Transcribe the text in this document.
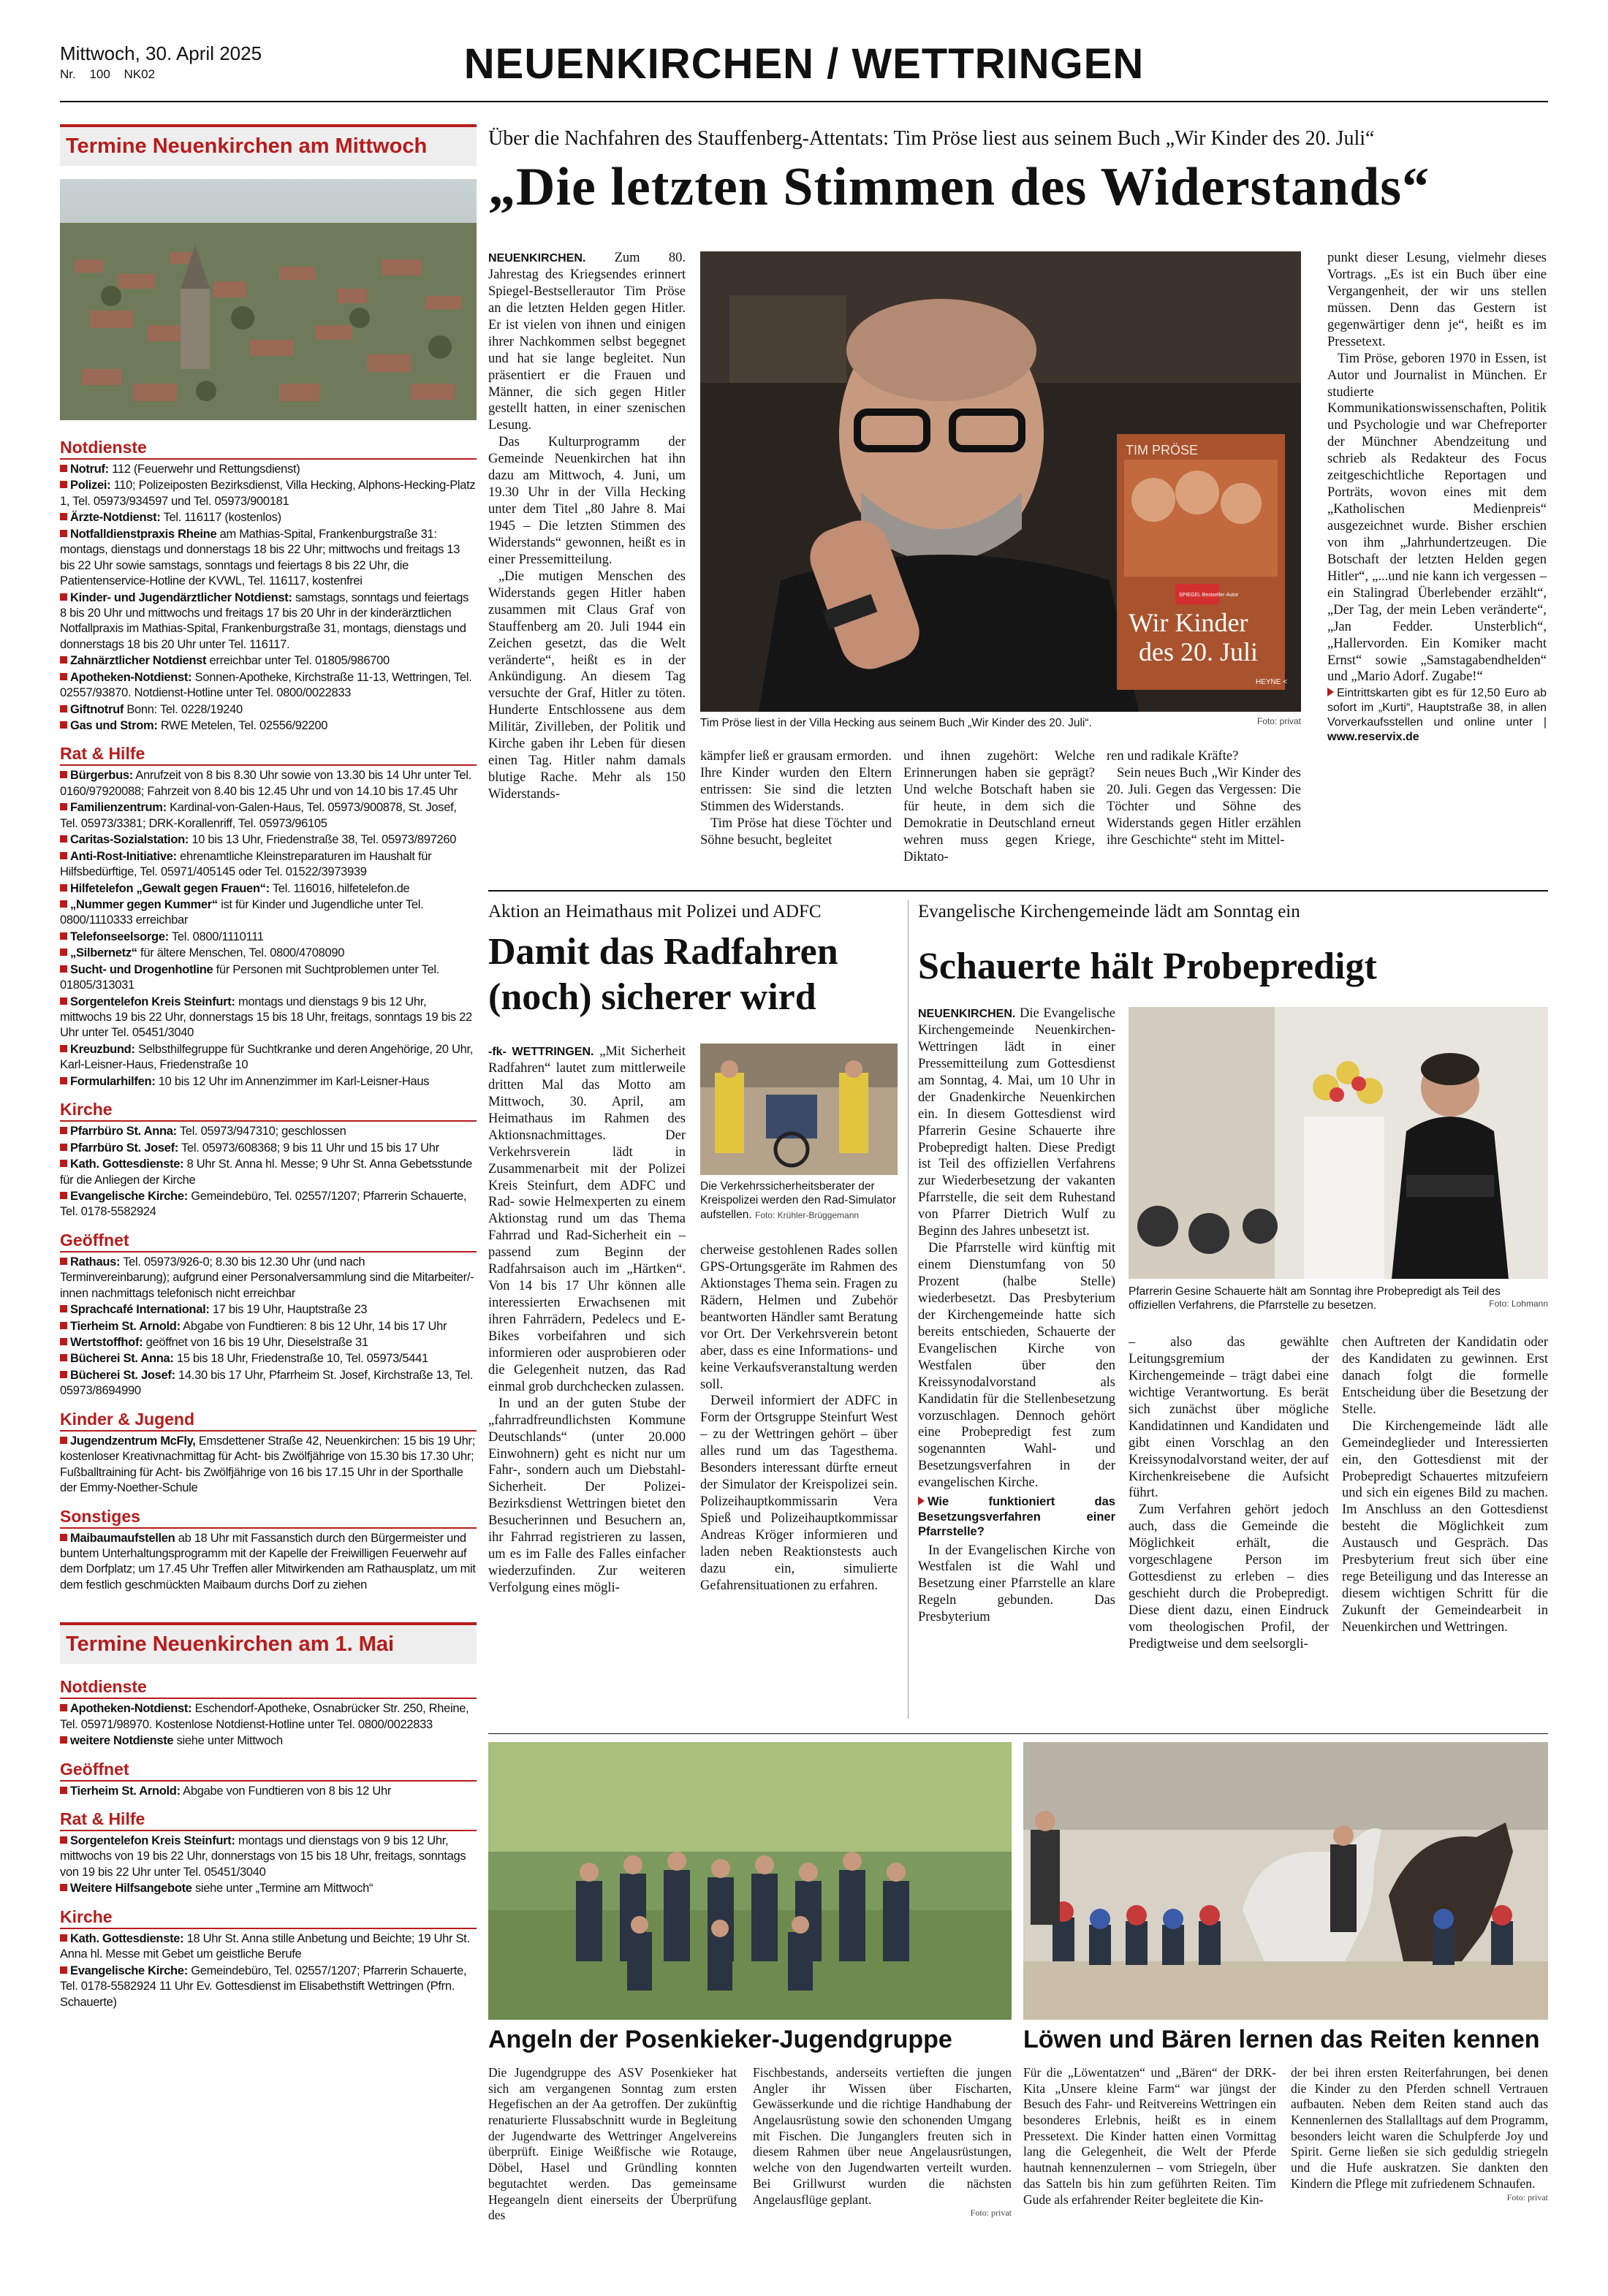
Mittwoch, 30. April 2025
Nr. 100 NK02	NEUENKIRCHEN / WETTRINGEN
Termine Neuenkirchen am Mittwoch
Notdienste
Notruf: 112 (Feuerwehr und Rettungsdienst)
Polizei: 110; Polizeiposten Bezirksdienst, Villa Hecking, Alphons-Hecking-Platz 1, Tel. 05973/934597 und Tel. 05973/900181
Ärzte-Notdienst: Tel. 116117 (kostenlos)
Notfalldienstpraxis Rheine am Mathias-Spital, Frankenburgstraße 31: montags, dienstags und donnerstags 18 bis 22 Uhr; mittwochs und freitags 13 bis 22 Uhr sowie samstags, sonntags und feiertags 8 bis 22 Uhr, die Patientenservice-Hotline der KVWL, Tel. 116117, kostenfrei
Kinder- und Jugendärztlicher Notdienst: samstags, sonntags und feiertags 8 bis 20 Uhr und mittwochs und freitags 17 bis 20 Uhr in der kinderärztlichen Notfallpraxis im Mathias-Spital, Frankenburgstraße 31, montags, dienstags und donnerstags 18 bis 20 Uhr unter Tel. 116117.
Zahnärztlicher Notdienst erreichbar unter Tel. 01805/986700
Apotheken-Notdienst: Sonnen-Apotheke, Kirchstraße 11-13, Wettringen, Tel. 02557/93870. Notdienst-Hotline unter Tel. 0800/0022833
Giftnotruf Bonn: Tel. 0228/19240
Gas und Strom: RWE Metelen, Tel. 02556/92200
Rat & Hilfe
Bürgerbus: Anrufzeit von 8 bis 8.30 Uhr sowie von 13.30 bis 14 Uhr unter Tel. 0160/97920088; Fahrzeit von 8.40 bis 12.45 Uhr und von 14.10 bis 17.45 Uhr
Familienzentrum: Kardinal-von-Galen-Haus, Tel. 05973/900878, St. Josef, Tel. 05973/3381; DRK-Korallenriff, Tel. 05973/96105
Caritas-Sozialstation: 10 bis 13 Uhr, Friedenstraße 38, Tel. 05973/897260
Anti-Rost-Initiative: ehrenamtliche Kleinstreparaturen im Haushalt für Hilfsbedürftige, Tel. 05971/405145 oder Tel. 01522/3973939
Hilfetelefon „Gewalt gegen Frauen“: Tel. 116016, hilfetelefon.de
„Nummer gegen Kummer“ ist für Kinder und Jugendliche unter Tel. 0800/1110333 erreichbar
Telefonseelsorge: Tel. 0800/1110111
„Silbernetz“ für ältere Menschen, Tel. 0800/4708090
Sucht- und Drogenhotline für Personen mit Suchtproblemen unter Tel. 01805/313031
Sorgentelefon Kreis Steinfurt: montags und dienstags 9 bis 12 Uhr, mittwochs 19 bis 22 Uhr, donnerstags 15 bis 18 Uhr, freitags, sonntags 19 bis 22 Uhr unter Tel. 05451/3040
Kreuzbund: Selbsthilfegruppe für Suchtkranke und deren Angehörige, 20 Uhr, Karl-Leisner-Haus, Friedenstraße 10
Formularhilfen: 10 bis 12 Uhr im Annenzimmer im Karl-Leisner-Haus
Kirche
Pfarrbüro St. Anna: Tel. 05973/947310; geschlossen
Pfarrbüro St. Josef: Tel. 05973/608368; 9 bis 11 Uhr und 15 bis 17 Uhr
Kath. Gottesdienste: 8 Uhr St. Anna hl. Messe; 9 Uhr St. Anna Gebetsstunde für die Anliegen der Kirche
Evangelische Kirche: Gemeindebüro, Tel. 02557/1207; Pfarrerin Schauerte, Tel. 0178-5582924
Geöffnet
Rathaus: Tel. 05973/926-0; 8.30 bis 12.30 Uhr (und nach Terminvereinbarung); aufgrund einer Personalversammlung sind die Mitarbeiter/-innen nachmittags telefonisch nicht erreichbar
Sprachcafé International: 17 bis 19 Uhr, Hauptstraße 23
Tierheim St. Arnold: Abgabe von Fundtieren: 8 bis 12 Uhr, 14 bis 17 Uhr
Wertstoffhof: geöffnet von 16 bis 19 Uhr, Dieselstraße 31
Bücherei St. Anna: 15 bis 18 Uhr, Friedenstraße 10, Tel. 05973/5441
Bücherei St. Josef: 14.30 bis 17 Uhr, Pfarrheim St. Josef, Kirchstraße 13, Tel. 05973/8694990
Kinder & Jugend
Jugendzentrum McFly, Emsdettener Straße 42, Neuenkirchen: 15 bis 19 Uhr; kostenloser Kreativnachmittag für Acht- bis Zwölfjährige von 15.30 bis 17.30 Uhr; Fußballtraining für Acht- bis Zwölfjährige von 16 bis 17.15 Uhr in der Sporthalle der Emmy-Noether-Schule
Sonstiges
Maibaumaufstellen ab 18 Uhr mit Fassanstich durch den Bürgermeister und buntem Unterhaltungsprogramm mit der Kapelle der Freiwilligen Feuerwehr auf dem Dorfplatz; um 17.45 Uhr Treffen aller Mitwirkenden am Rathausplatz, um mit dem festlich geschmückten Maibaum durchs Dorf zu ziehen
Termine Neuenkirchen am 1. Mai
Notdienste
Apotheken-Notdienst: Eschendorf-Apotheke, Osnabrücker Str. 250, Rheine, Tel. 05971/98970. Kostenlose Notdienst-Hotline unter Tel. 0800/0022833
weitere Notdienste siehe unter Mittwoch
Geöffnet
Tierheim St. Arnold: Abgabe von Fundtieren von 8 bis 12 Uhr
Rat & Hilfe
Sorgentelefon Kreis Steinfurt: montags und dienstags von 9 bis 12 Uhr, mittwochs von 19 bis 22 Uhr, donnerstags von 15 bis 18 Uhr, freitags, sonntags von 19 bis 22 Uhr unter Tel. 05451/3040
Weitere Hilfsangebote siehe unter „Termine am Mittwoch“
Kirche
Kath. Gottesdienste: 18 Uhr St. Anna stille Anbetung und Beichte; 19 Uhr St. Anna hl. Messe mit Gebet um geistliche Berufe
Evangelische Kirche: Gemeindebüro, Tel. 02557/1207; Pfarrerin Schauerte, Tel. 0178-5582924 11 Uhr Ev. Gottesdienst im Elisabethstift Wettringen (Pfrn. Schauerte)
Über die Nachfahren des Stauffenberg-Attentats: Tim Pröse liest aus seinem Buch „Wir Kinder des 20. Juli“
„Die letzten Stimmen des Widerstands“

NEUENKIRCHEN. Zum 80. Jahrestag des Kriegsendes erinnert Spiegel-Bestsellerautor Tim Pröse an die letzten Helden gegen Hitler. Er ist vielen von ihnen und einigen ihrer Nachkommen selbst begegnet und hat sie lange begleitet. Nun präsentiert er die Frauen und Männer, die sich gegen Hitler gestellt hatten, in einer szenischen Lesung.

Das Kulturprogramm der Gemeinde Neuenkirchen hat ihn dazu am Mittwoch, 4. Juni, um 19.30 Uhr in der Villa Hecking unter dem Titel „80 Jahre 8. Mai 1945 – Die letzten Stimmen des Widerstands“ gewonnen, heißt es in einer Pressemitteilung.

„Die mutigen Menschen des Widerstands gegen Hitler haben zusammen mit Claus Graf von Stauffenberg am 20. Juli 1944 ein Zeichen gesetzt, das die Welt veränderte“, heißt es in der Ankündigung. An diesem Tag versuchte der Graf, Hitler zu töten. Hunderte Entschlossene aus dem Militär, Zivilleben, der Politik und Kirche gaben ihr Leben für diesen einen Tag. Hitler nahm damals blutige Rache. Mehr als 150 Widerstands-

TIM PRÖSE
Wir Kinder
des 20. Juli
SPIEGEL Bestseller-Autor
HEYNE <
Tim Pröse liest in der Villa Hecking aus seinem Buch „Wir Kinder des 20. Juli“.	Foto: privat

kämpfer ließ er grausam ermorden. Ihre Kinder wurden den Eltern entrissen: Sie sind die letzten Stimmen des Widerstands.

Tim Pröse hat diese Töchter und Söhne besucht, begleitet

und ihnen zugehört: Welche Erinnerungen haben sie geprägt? Und welche Botschaft haben sie für heute, in dem sich die Demokratie in Deutschland erneut wehren muss gegen Kriege, Diktato-

ren und radikale Kräfte?

Sein neues Buch „Wir Kinder des 20. Juli. Gegen das Vergessen: Die Töchter und Söhne des Widerstands gegen Hitler erzählen ihre Geschichte“ steht im Mittel-

punkt dieser Lesung, vielmehr dieses Vortrags. „Es ist ein Buch über eine Vergangenheit, der wir uns stellen müssen. Denn das Gestern ist gegenwärtiger denn je“, heißt es im Pressetext.

Tim Pröse, geboren 1970 in Essen, ist Autor und Journalist in München. Er studierte Kommunikationswissenschaften, Politik und Psychologie und war Chefreporter der Münchner Abendzeitung und schrieb als Redakteur des Focus zeitgeschichtliche Reportagen und Porträts, wovon eines mit dem „Katholischen Medienpreis“ ausgezeichnet wurde. Bisher erschien von ihm „Jahrhundertzeugen. Die Botschaft der letzten Helden gegen Hitler“, „...und nie kann ich vergessen – ein Stalingrad Überlebender erzählt“, „Der Tag, der mein Leben veränderte“, „Jan Fedder. Unsterblich“, „Hallervorden. Ein Komiker macht Ernst“ sowie „Samstagabendhelden“ und „Mario Adorf. Zugabe!“

Eintrittskarten gibt es für 12,50 Euro ab sofort im „Kurti“, Hauptstraße 38, in allen Vorverkaufsstellen und online unter | www.reservix.de

Aktion an Heimathaus mit Polizei und ADFC
Damit das Radfahren
(noch) sicherer wird

-fk- WETTRINGEN. „Mit Sicherheit Radfahren“ lautet zum mittlerweile dritten Mal das Motto am Mittwoch, 30. April, am Heimathaus im Rahmen des Aktionsnachmittages. Der Verkehrsverein lädt in Zusammenarbeit mit der Polizei Kreis Steinfurt, dem ADFC und Rad- sowie Helmexperten zu einem Aktionstag rund um das Thema Fahrrad und Rad-Sicherheit ein – passend zum Beginn der Radfahrsaison auch im „Härtken“. Von 14 bis 17 Uhr können alle interessierten Erwachsenen mit ihren Fahrrädern, Pedelecs und E-Bikes vorbeifahren und sich informieren oder ausprobieren oder die Gelegenheit nutzen, das Rad einmal grob durchchecken zulassen.

In und an der guten Stube der „fahrradfreundlichsten Kommune Deutschlands“ (unter 20.000 Einwohnern) geht es nicht nur um Fahr-, sondern auch um Diebstahl-Sicherheit. Der Polizei-Bezirksdienst Wettringen bietet den Besucherinnen und Besuchern an, ihr Fahrrad registrieren zu lassen, um es im Falle des Falles einfacher wiederzufinden. Zur weiteren Verfolgung eines mögli-

Die Verkehrssicherheitsberater der Kreispolizei werden den Rad-Simulator aufstellen. Foto: Krühler-Brüggemann

cherweise gestohlenen Rades sollen GPS-Ortungsgeräte im Rahmen des Aktionstages Thema sein. Fragen zu Rädern, Helmen und Zubehör beantworten Händler samt Beratung vor Ort. Der Verkehrsverein betont aber, dass es eine Informations- und keine Verkaufsveranstaltung werden soll.

Derweil informiert der ADFC in Form der Ortsgruppe Steinfurt West – zu der Wettringen gehört – über alles rund um das Tagesthema. Besonders interessant dürfte erneut der Simulator der Kreispolizei sein. Polizeihauptkommissarin Vera Spieß und Polizeihauptkommissar Andreas Kröger informieren und laden neben Reaktionstests auch dazu ein, simulierte Gefahrensituationen zu erfahren.

Evangelische Kirchengemeinde lädt am Sonntag ein
Schauerte hält Probepredigt

NEUENKIRCHEN. Die Evangelische Kirchengemeinde Neuenkirchen-Wettringen lädt in einer Pressemitteilung zum Gottesdienst am Sonntag, 4. Mai, um 10 Uhr in der Gnadenkirche Neuenkirchen ein. In diesem Gottesdienst wird Pfarrerin Gesine Schauerte ihre Probepredigt halten. Diese Predigt ist Teil des offiziellen Verfahrens zur Wiederbesetzung der vakanten Pfarrstelle, die seit dem Ruhestand von Pfarrer Dietrich Wulf zu Beginn des Jahres unbesetzt ist.

Die Pfarrstelle wird künftig mit einem Dienstumfang von 50 Prozent (halbe Stelle) wiederbesetzt. Das Presbyterium der Kirchengemeinde hatte sich bereits entschieden, Schauerte der Evangelischen Kirche von Westfalen über den Kreissynodalvorstand als Kandidatin für die Stellenbesetzung vorzuschlagen. Dennoch gehört eine Probepredigt fest zum sogenannten Wahl- und Besetzungsverfahren in der evangelischen Kirche.

Wie funktioniert das Besetzungsverfahren einer Pfarrstelle?

In der Evangelischen Kirche von Westfalen ist die Wahl und Besetzung einer Pfarrstelle an klare Regeln gebunden. Das Presbyterium

Pfarrerin Gesine Schauerte hält am Sonntag ihre Probepredigt als Teil des offiziellen Verfahrens, die Pfarrstelle zu besetzen.	Foto: Lohmann

– also das gewählte Leitungsgremium der Kirchengemeinde – trägt dabei eine wichtige Verantwortung. Es berät sich zunächst über mögliche Kandidatinnen und Kandidaten und gibt einen Vorschlag an den Kreissynodalvorstand weiter, der auf Kirchenkreisebene die Aufsicht führt.

Zum Verfahren gehört jedoch auch, dass die Gemeinde die Möglichkeit erhält, die vorgeschlagene Person im Gottesdienst zu erleben – dies geschieht durch die Probepredigt. Diese dient dazu, einen Eindruck vom theologischen Profil, der Predigtweise und dem seelsorgli-

chen Auftreten der Kandidatin oder des Kandidaten zu gewinnen. Erst danach folgt die formelle Entscheidung über die Besetzung der Stelle.

Die Kirchengemeinde lädt alle Gemeindeglieder und Interessierten ein, den Gottesdienst mit der Probepredigt Schauertes mitzufeiern und sich ein eigenes Bild zu machen. Im Anschluss an den Gottesdienst besteht die Möglichkeit zum Austausch und Gespräch. Das Presbyterium freut sich über eine rege Beteiligung und das Interesse an diesem wichtigen Schritt für die Zukunft der Gemeindearbeit in Neuenkirchen und Wettringen.

Angeln der Posenkieker-Jugendgruppe

Die Jugendgruppe des ASV Posenkieker hat sich am vergangenen Sonntag zum ersten Hegefischen an der Aa getroffen. Der zukünftig renaturierte Flussabschnitt wurde in Begleitung der Jugendwarte des Wettringer Angelvereins überprüft. Einige Weißfische wie Rotauge, Döbel, Hasel und Gründling konnten begutachtet werden. Das gemeinsame Hegeangeln dient einerseits der Überprüfung des

Fischbestands, anderseits vertieften die jungen Angler ihr Wissen über Fischarten, Gewässerkunde und die richtige Handhabung der Angelausrüstung sowie den schonenden Umgang mit Fischen. Die Junganglers freuten sich in diesem Rahmen über neue Angelausrüstungen, welche von den Jugendwarten verteilt wurden. Bei Grillwurst wurden die nächsten Angelausflüge geplant.

Foto: privat

Löwen und Bären lernen das Reiten kennen

Für die „Löwentatzen“ und „Bären“ der DRK-Kita „Unsere kleine Farm“ war jüngst der Besuch des Fahr- und Reitvereins Wettringen ein besonderes Erlebnis, heißt es in einem Pressetext. Die Kinder hatten einen Vormittag lang die Gelegenheit, die Welt der Pferde hautnah kennenzulernen – vom Striegeln, über das Satteln bis hin zum geführten Reiten. Tim Gude als erfahrender Reiter begleitete die Kin-

der bei ihren ersten Reiterfahrungen, bei denen die Kinder zu den Pferden schnell Vertrauen aufbauten. Neben dem Reiten stand auch das Kennenlernen des Stallalltags auf dem Programm, besonders leicht waren die Schulpferde Joy und Spirit. Gerne ließen sie sich geduldig striegeln und die Hufe auskratzen. Sie dankten den Kindern die Pflege mit zufriedenem Schnaufen.

Foto: privat
